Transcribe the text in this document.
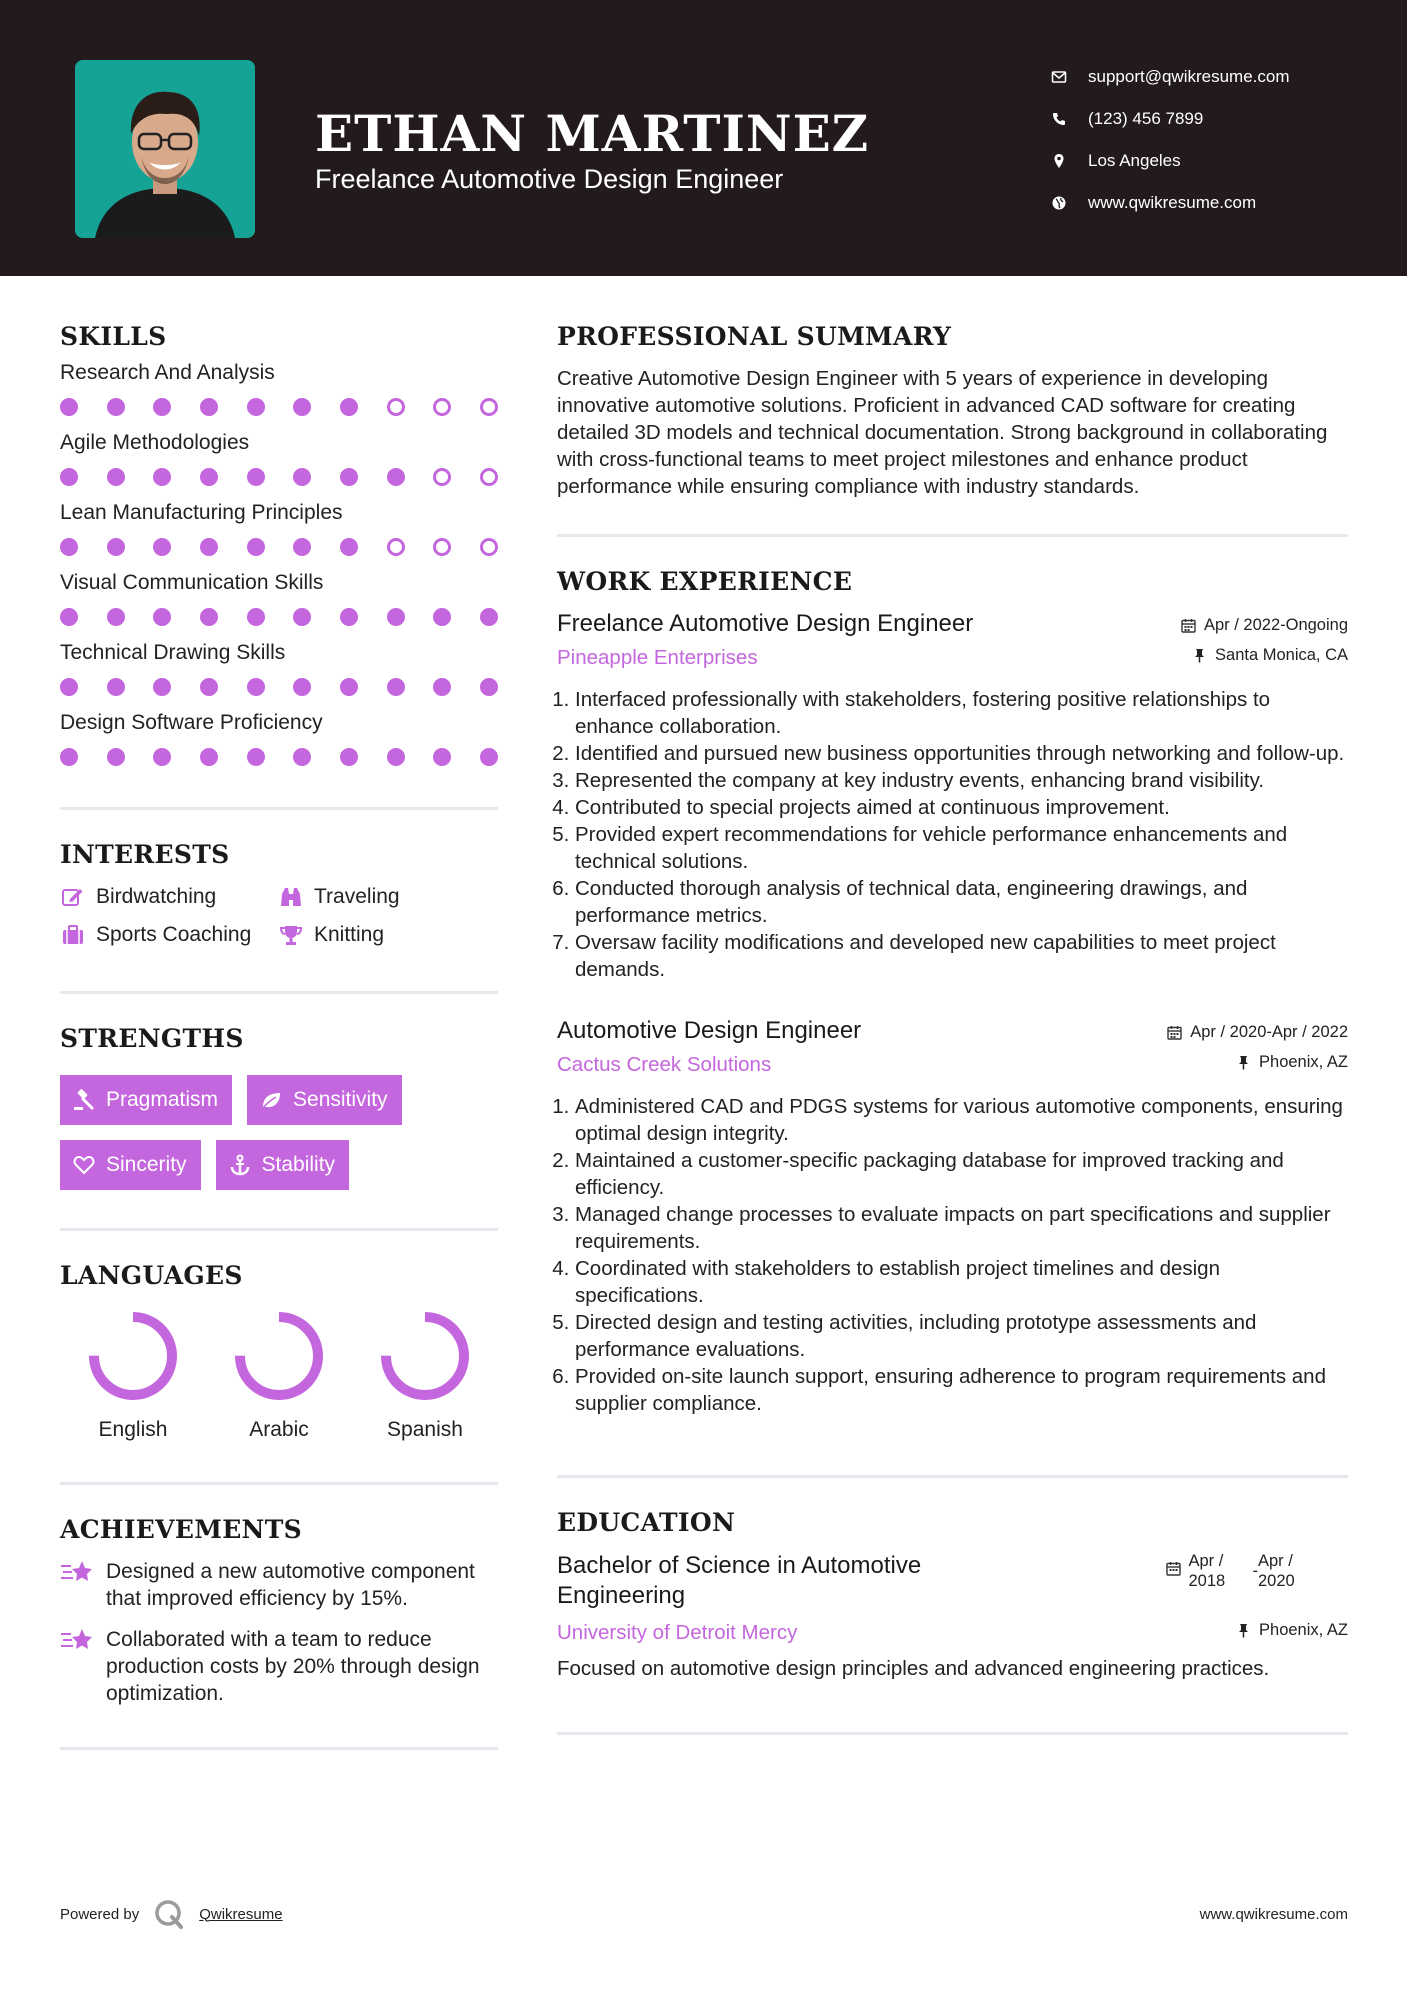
ETHAN MARTINEZ
Freelance Automotive Design Engineer
support@qwikresume.com
(123) 456 7899
Los Angeles
www.qwikresume.com
SKILLS
Research And Analysis
Agile Methodologies
Lean Manufacturing Principles
Visual Communication Skills
Technical Drawing Skills
Design Software Proficiency
INTERESTS
Birdwatching	Traveling
Sports Coaching	Knitting
STRENGTHS
Pragmatism	Sensitivity
Sincerity	Stability
LANGUAGES
English	Arabic	Spanish
ACHIEVEMENTS
Designed a new automotive component that improved efficiency by 15%.
Collaborated with a team to reduce production costs by 20% through design optimization.
PROFESSIONAL SUMMARY
Creative Automotive Design Engineer with 5 years of experience in developing innovative automotive solutions. Proficient in advanced CAD software for creating detailed 3D models and technical documentation. Strong background in collaborating with cross-functional teams to meet project milestones and enhance product performance while ensuring compliance with industry standards.
WORK EXPERIENCE
Freelance Automotive Design Engineer	Apr / 2022-Ongoing
Pineapple Enterprises	Santa Monica, CA
1. Interfaced professionally with stakeholders, fostering positive relationships to enhance collaboration.
2. Identified and pursued new business opportunities through networking and follow-up.
3. Represented the company at key industry events, enhancing brand visibility.
4. Contributed to special projects aimed at continuous improvement.
5. Provided expert recommendations for vehicle performance enhancements and technical solutions.
6. Conducted thorough analysis of technical data, engineering drawings, and performance metrics.
7. Oversaw facility modifications and developed new capabilities to meet project demands.
Automotive Design Engineer	Apr / 2020-Apr / 2022
Cactus Creek Solutions	Phoenix, AZ
1. Administered CAD and PDGS systems for various automotive components, ensuring optimal design integrity.
2. Maintained a customer-specific packaging database for improved tracking and efficiency.
3. Managed change processes to evaluate impacts on part specifications and supplier requirements.
4. Coordinated with stakeholders to establish project timelines and design specifications.
5. Directed design and testing activities, including prototype assessments and performance evaluations.
6. Provided on-site launch support, ensuring adherence to program requirements and supplier compliance.
EDUCATION
Bachelor of Science in Automotive Engineering
Apr / 2018
-
Apr / 2020
University of Detroit Mercy	Phoenix, AZ
Focused on automotive design principles and advanced engineering practices.
Powered by	Qwikresume	www.qwikresume.com
